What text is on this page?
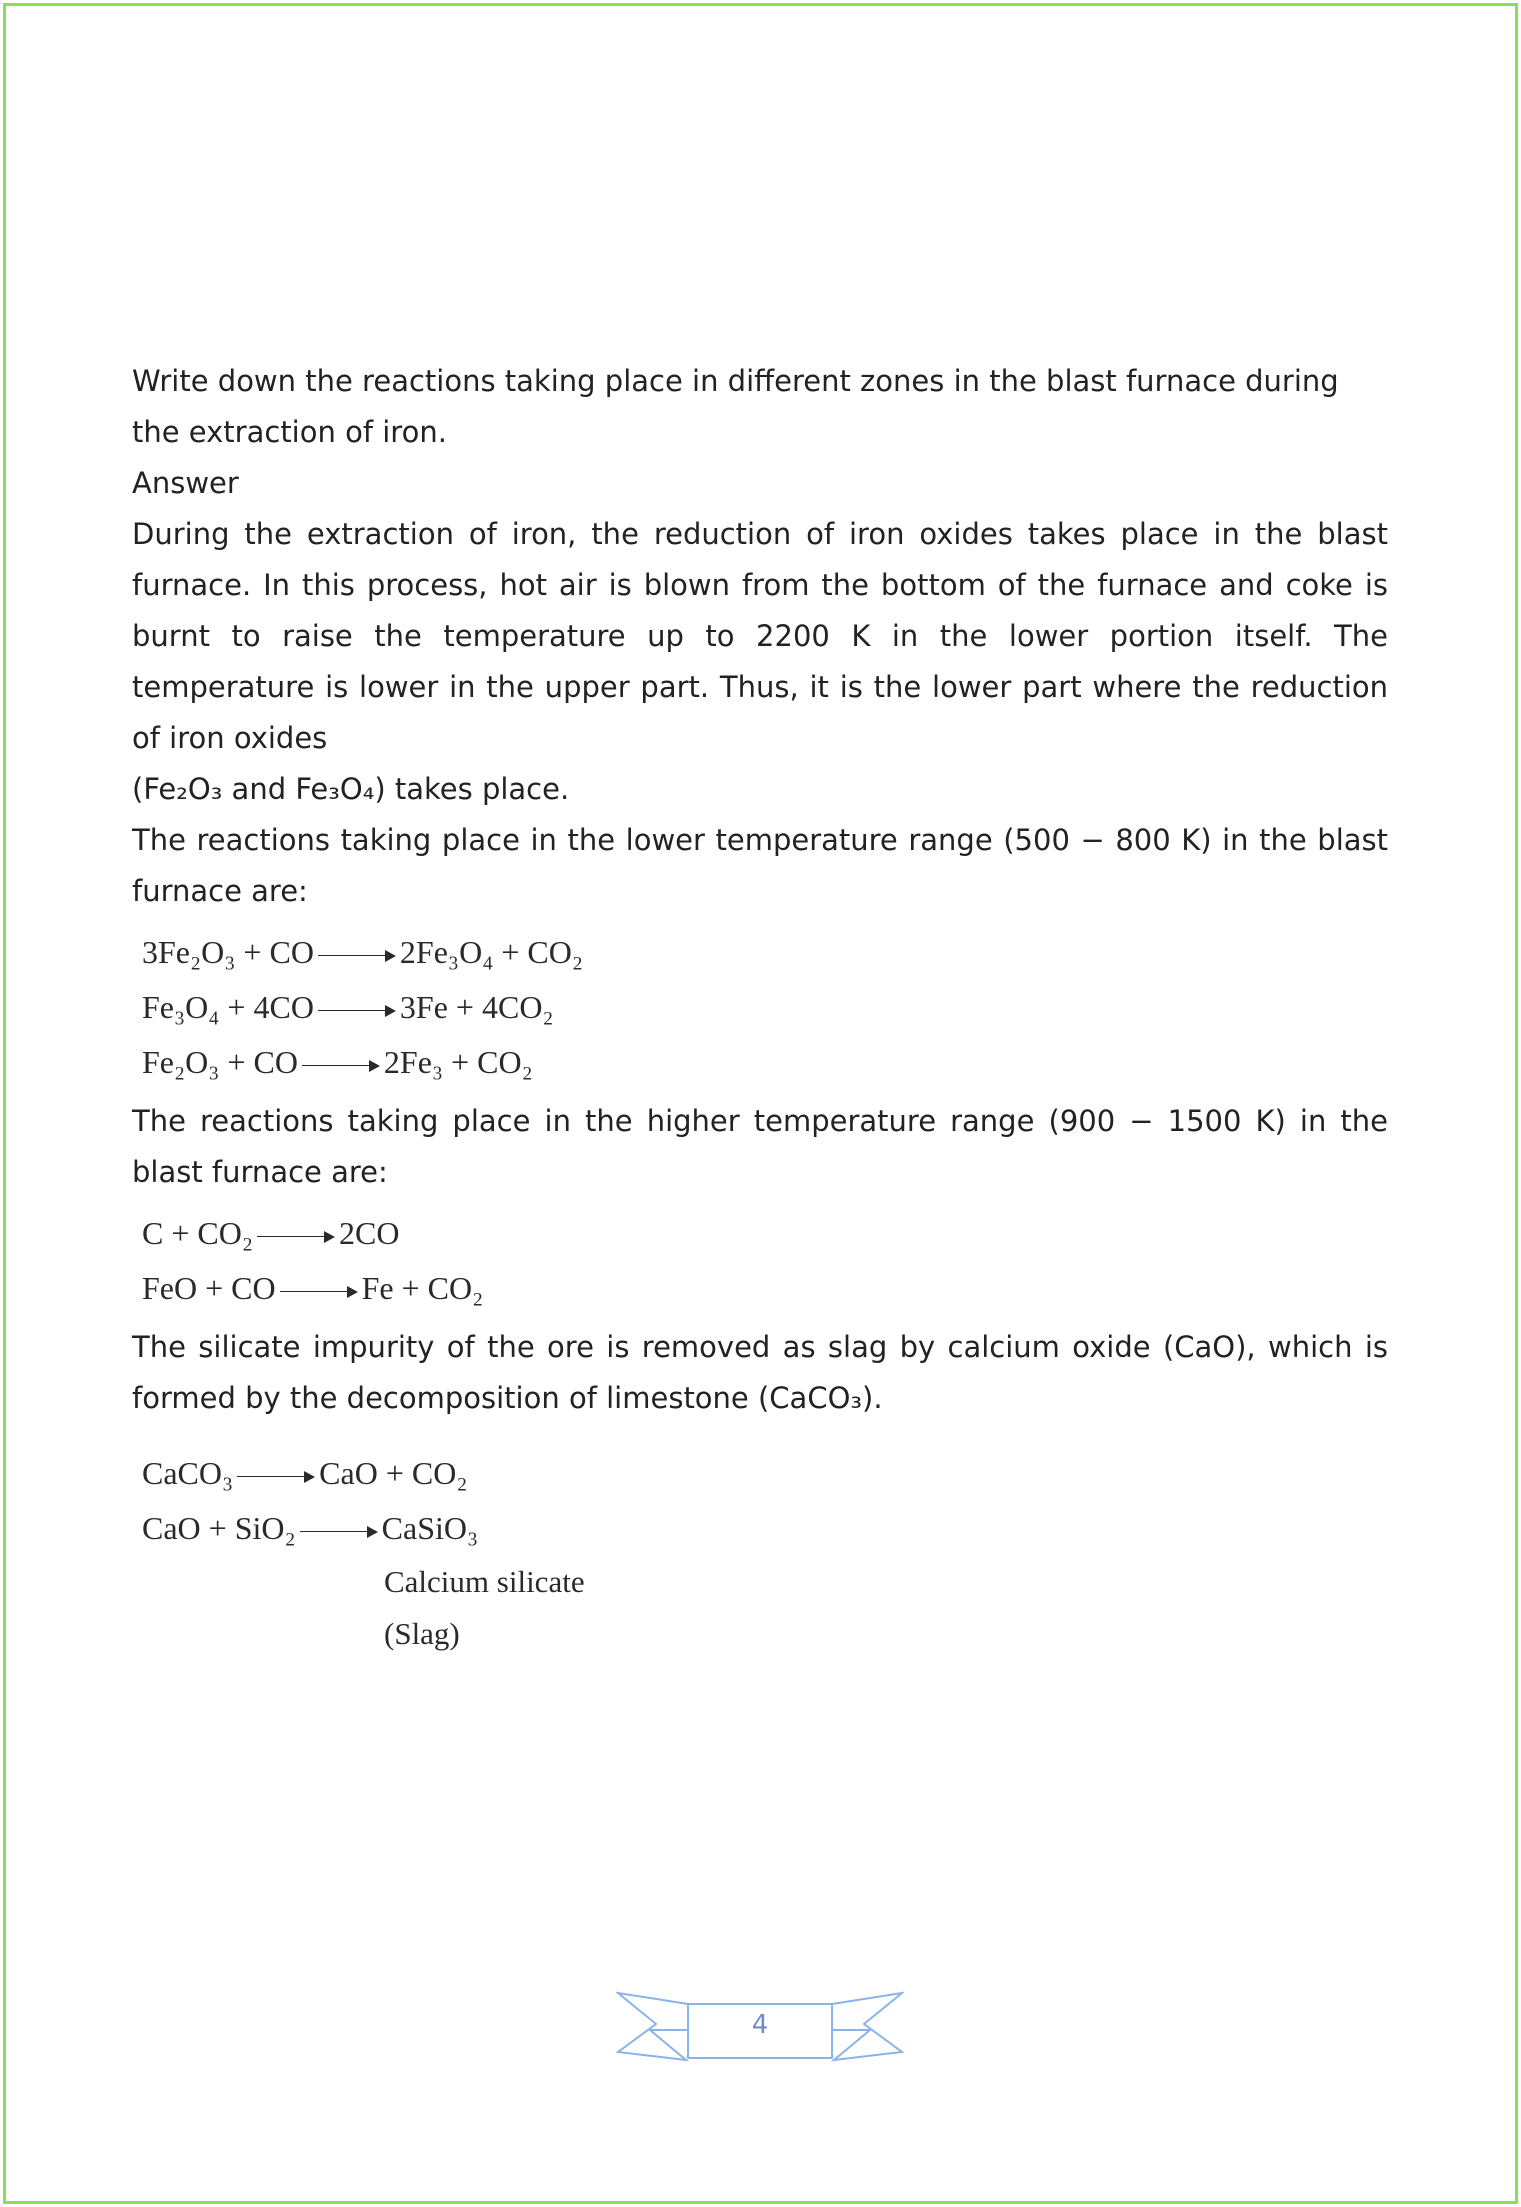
Write down the reactions taking place in different zones in the blast furnace during

the extraction of iron.

Answer

During the extraction of iron, the reduction of iron oxides takes place in the blast furnace. In this process, hot air is blown from the bottom of the furnace and coke is burnt to raise the temperature up to 2200 K in the lower portion itself. The temperature is lower in the upper part. Thus, it is the lower part where the reduction of iron oxides

(Fe₂O₃ and Fe₃O₄) takes place.

The reactions taking place in the lower temperature range (500 − 800 K) in the blast furnace are:

3Fe₂O₃ + CO	2Fe₃O₄ + CO₂
Fe₃O₄ + 4CO	3Fe + 4CO₂
Fe₂O₃ + CO	2Fe₃ + CO₂

The reactions taking place in the higher temperature range (900 − 1500 K) in the blast furnace are:

C + CO₂	2CO
FeO + CO	Fe + CO₂

The silicate impurity of the ore is removed as slag by calcium oxide (CaO), which is formed by the decomposition of limestone (CaCO₃).

CaCO₃	CaO + CO₂
CaO + SiO₂	CaSiO₃
Calcium silicate
(Slag)
4
